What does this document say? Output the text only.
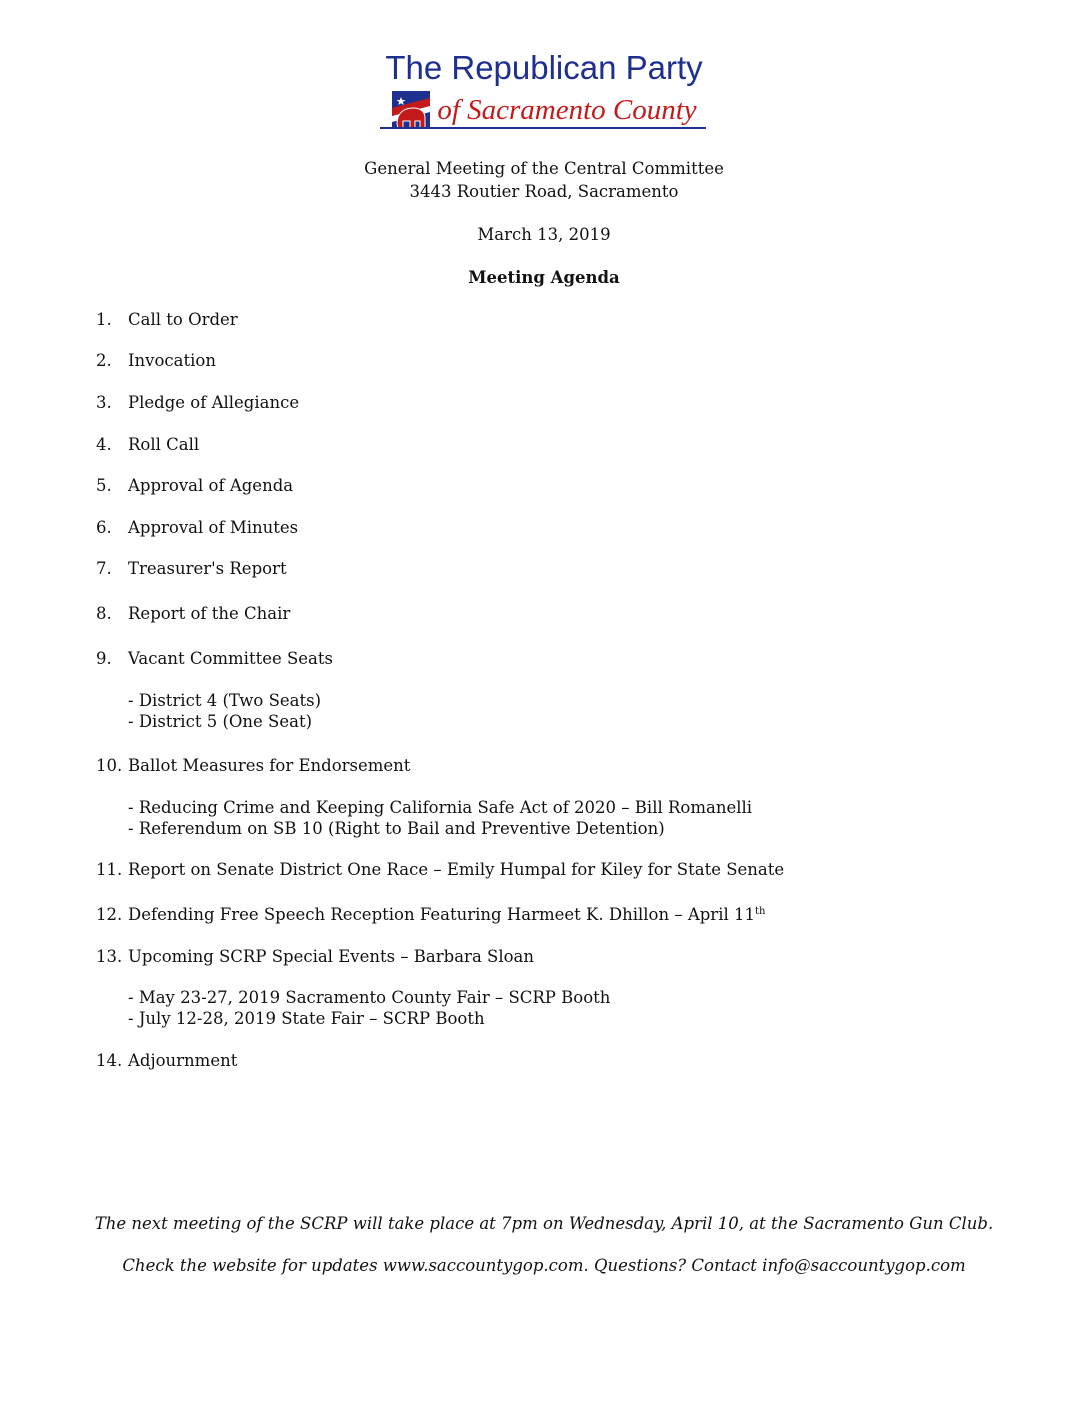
The Republican Party
of Sacramento County
General Meeting of the Central Committee
3443 Routier Road, Sacramento
March 13, 2019
Meeting Agenda
1. Call to Order
2. Invocation
3. Pledge of Allegiance
4. Roll Call
5. Approval of Agenda
6. Approval of Minutes
7. Treasurer's Report
8. Report of the Chair
9. Vacant Committee Seats
- District 4 (Two Seats)
- District 5 (One Seat)
10. Ballot Measures for Endorsement
- Reducing Crime and Keeping California Safe Act of 2020 – Bill Romanelli
- Referendum on SB 10 (Right to Bail and Preventive Detention)
11. Report on Senate District One Race – Emily Humpal for Kiley for State Senate
12. Defending Free Speech Reception Featuring Harmeet K. Dhillon – April 11th
13. Upcoming SCRP Special Events – Barbara Sloan
- May 23-27, 2019 Sacramento County Fair – SCRP Booth
- July 12-28, 2019 State Fair – SCRP Booth
14. Adjournment
The next meeting of the SCRP will take place at 7pm on Wednesday, April 10, at the Sacramento Gun Club.
Check the website for updates www.saccountygop.com. Questions? Contact info@saccountygop.com
